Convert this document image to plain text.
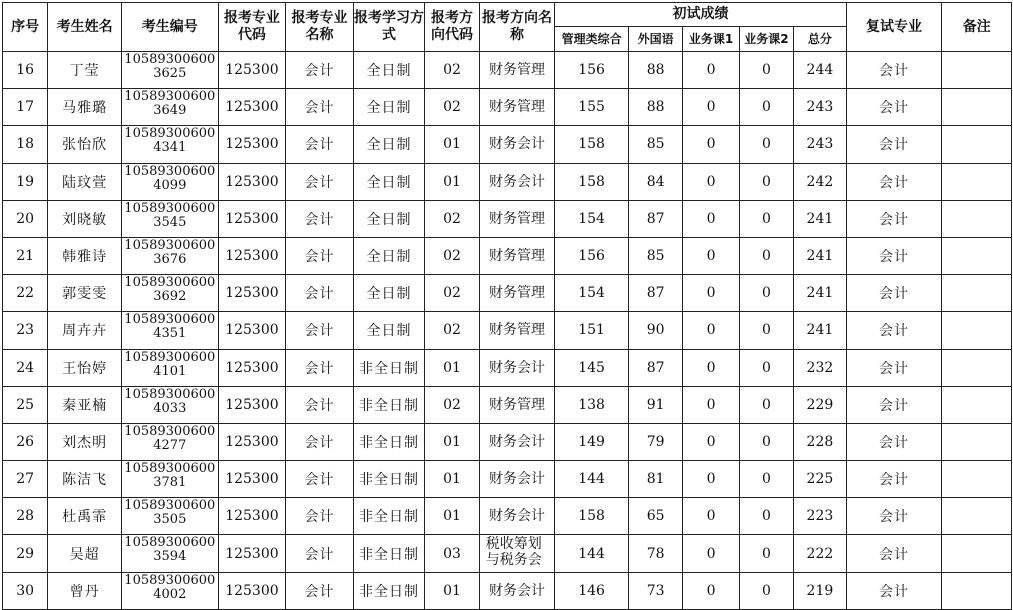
序号	考生姓名	考生编号	报考专业代码	报考专业名称	报考学习方式	报考方向代码	报考方向名称	初试成绩					复试专业	备注
								管理类综合	外国语	业务课1	业务课2	总分		
16	丁莹	105893006003625	125300	会计	全日制	02	财务管理	156	88	0	0	244	会计	
17	马雅璐	105893006003649	125300	会计	全日制	02	财务管理	155	88	0	0	243	会计	
18	张怡欣	105893006004341	125300	会计	全日制	01	财务会计	158	85	0	0	243	会计	
19	陆玟萱	105893006004099	125300	会计	全日制	01	财务会计	158	84	0	0	242	会计	
20	刘晓敏	105893006003545	125300	会计	全日制	02	财务管理	154	87	0	0	241	会计	
21	韩雅诗	105893006003676	125300	会计	全日制	02	财务管理	156	85	0	0	241	会计	
22	郭雯雯	105893006003692	125300	会计	全日制	02	财务管理	154	87	0	0	241	会计	
23	周卉卉	105893006004351	125300	会计	全日制	02	财务管理	151	90	0	0	241	会计	
24	王怡婷	105893006004101	125300	会计	非全日制	01	财务会计	145	87	0	0	232	会计	
25	秦亚楠	105893006004033	125300	会计	非全日制	02	财务管理	138	91	0	0	229	会计	
26	刘杰明	105893006004277	125300	会计	非全日制	01	财务会计	149	79	0	0	228	会计	
27	陈洁飞	105893006003781	125300	会计	非全日制	01	财务会计	144	81	0	0	225	会计	
28	杜禹霏	105893006003505	125300	会计	非全日制	01	财务会计	158	65	0	0	223	会计	
29	吴超	105893006003594	125300	会计	非全日制	03	税收筹划与税务会	144	78	0	0	222	会计	
30	曾丹	105893006004002	125300	会计	非全日制	01	财务会计	146	73	0	0	219	会计	
